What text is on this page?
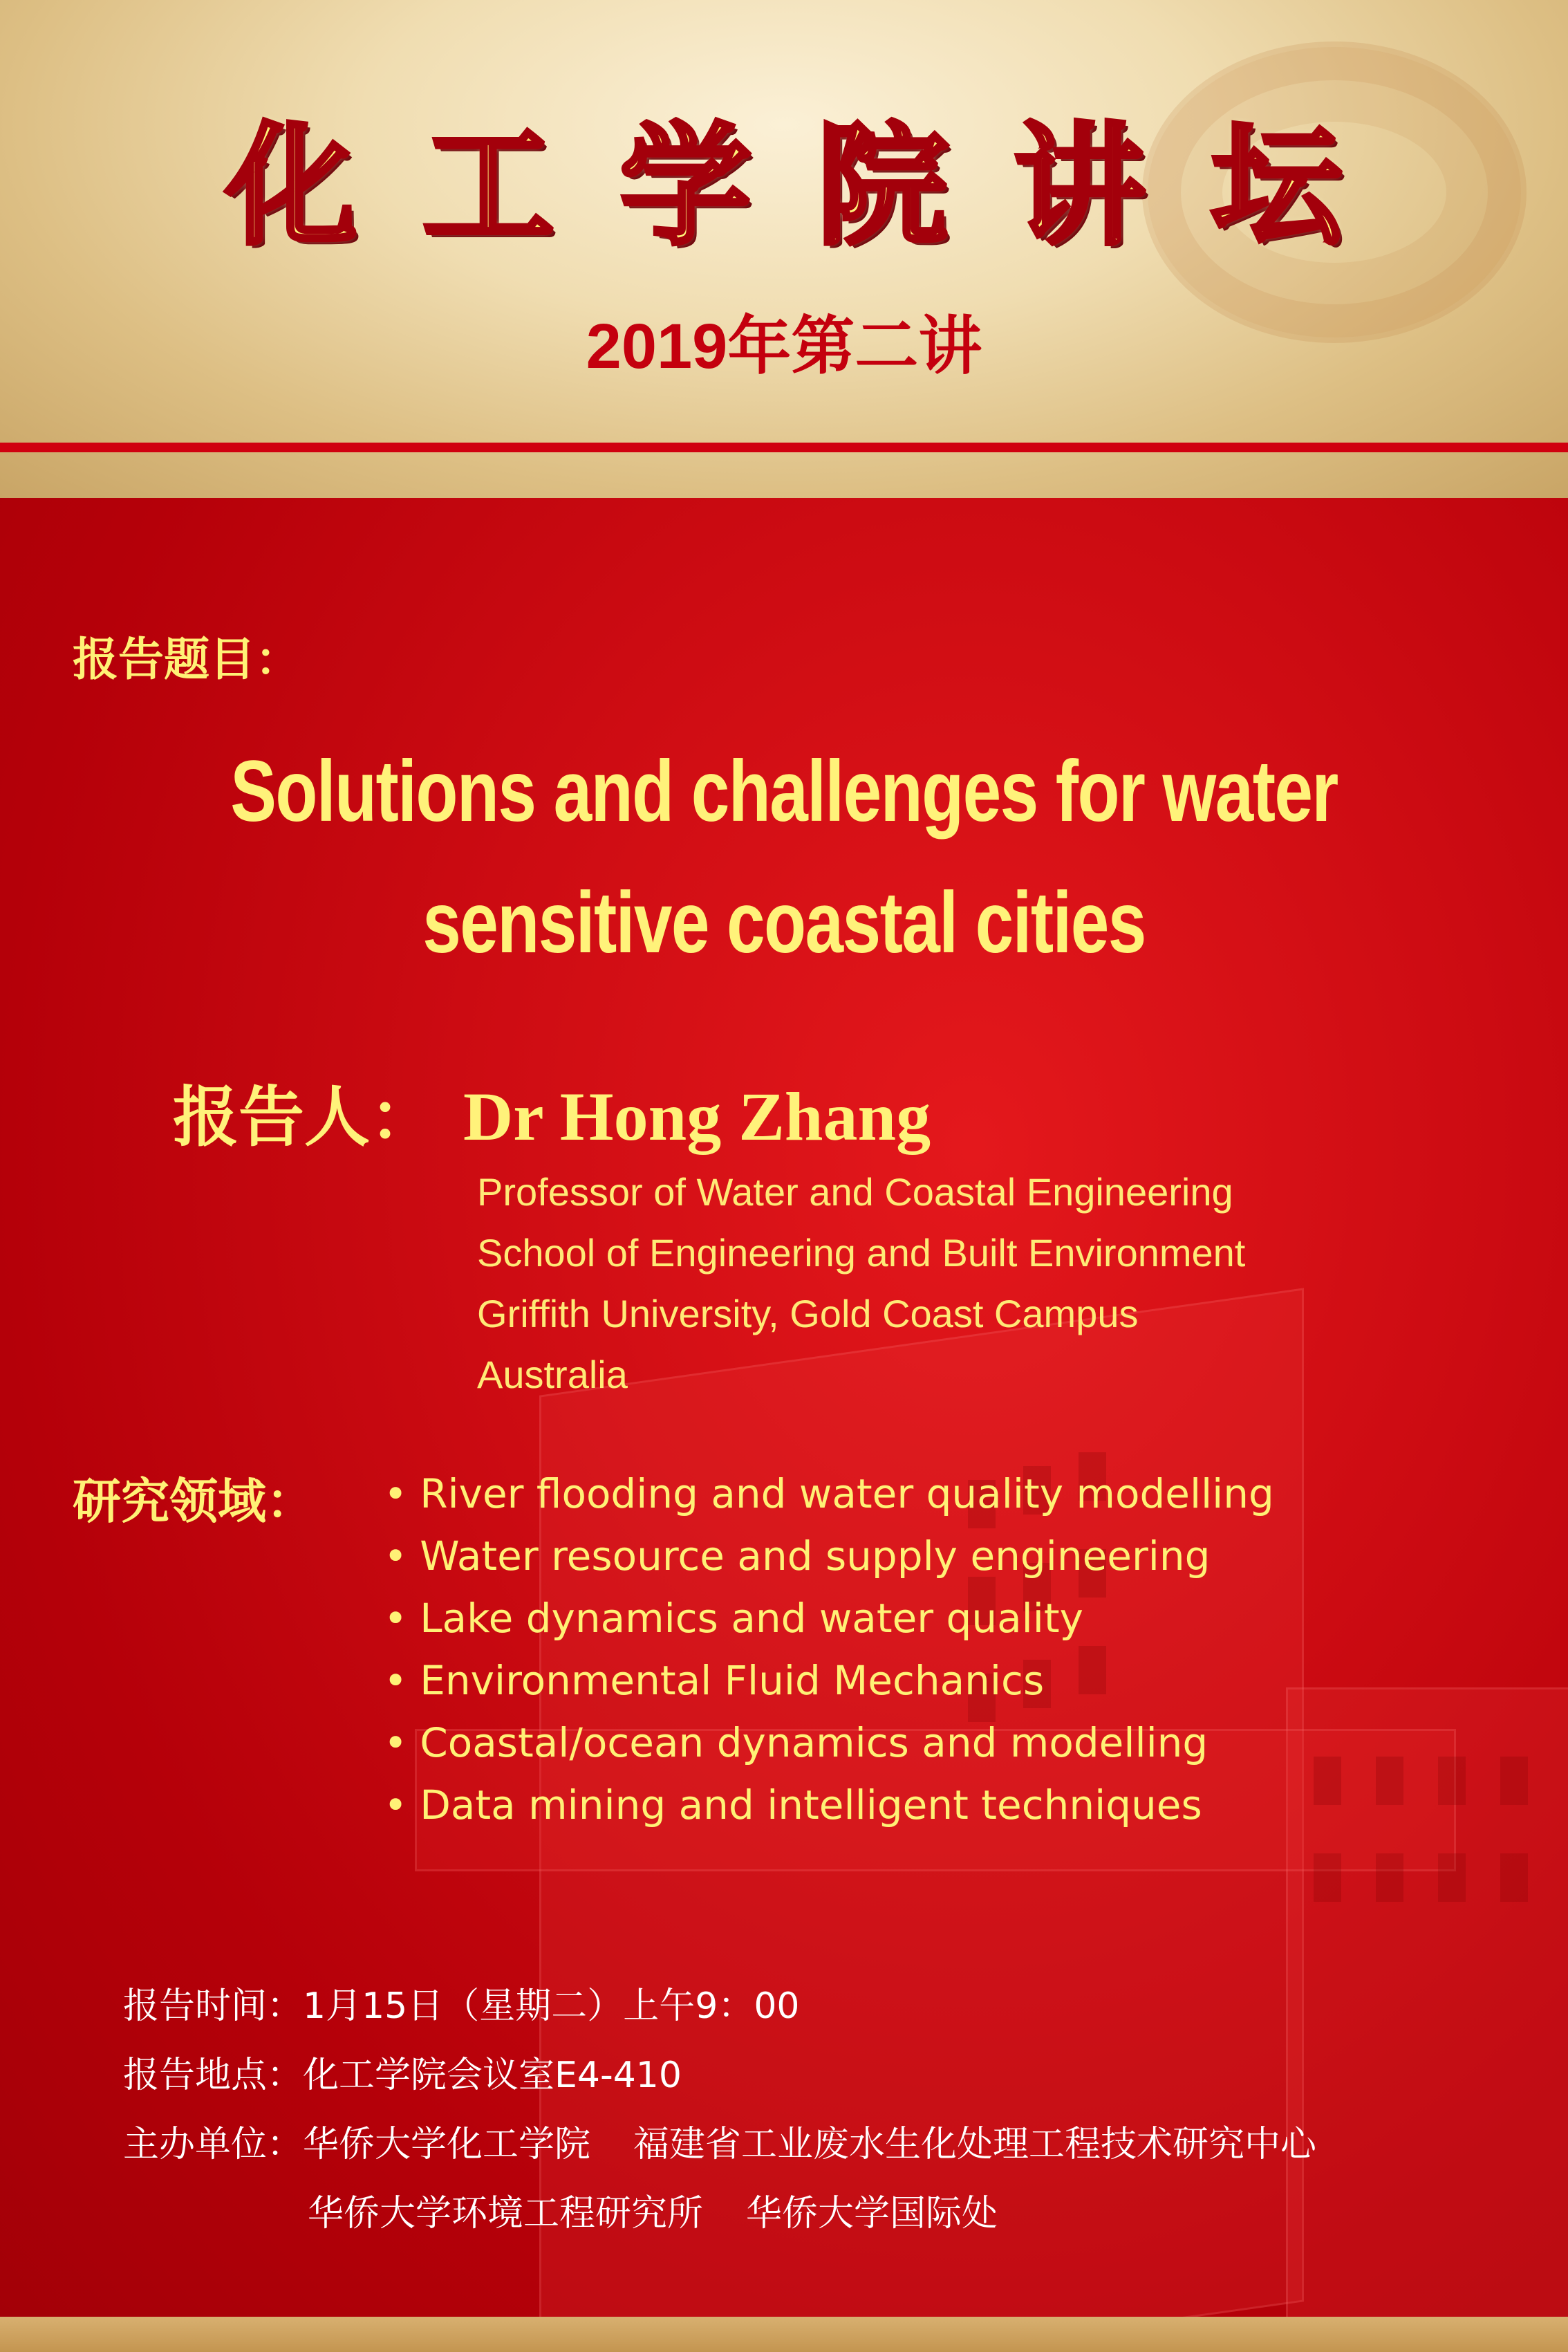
化工学院讲坛
2019年第二讲
报告题目：
Solutions and challenges for water
sensitive coastal cities
报告人： Dr Hong Zhang
Professor of Water and Coastal Engineering
School of Engineering and Built Environment
Griffith University, Gold Coast Campus
Australia
研究领域： • River flooding and water quality modelling
• Water resource and supply engineering
• Lake dynamics and water quality
• Environmental Fluid Mechanics
• Coastal/ocean dynamics and modelling
• Data mining and intelligent techniques
报告时间：1月15日（星期二）上午9：00
报告地点：化工学院会议室E4-410
主办单位：华侨大学化工学院 福建省工业废水生化处理工程技术研究中心
华侨大学环境工程研究所 华侨大学国际处
